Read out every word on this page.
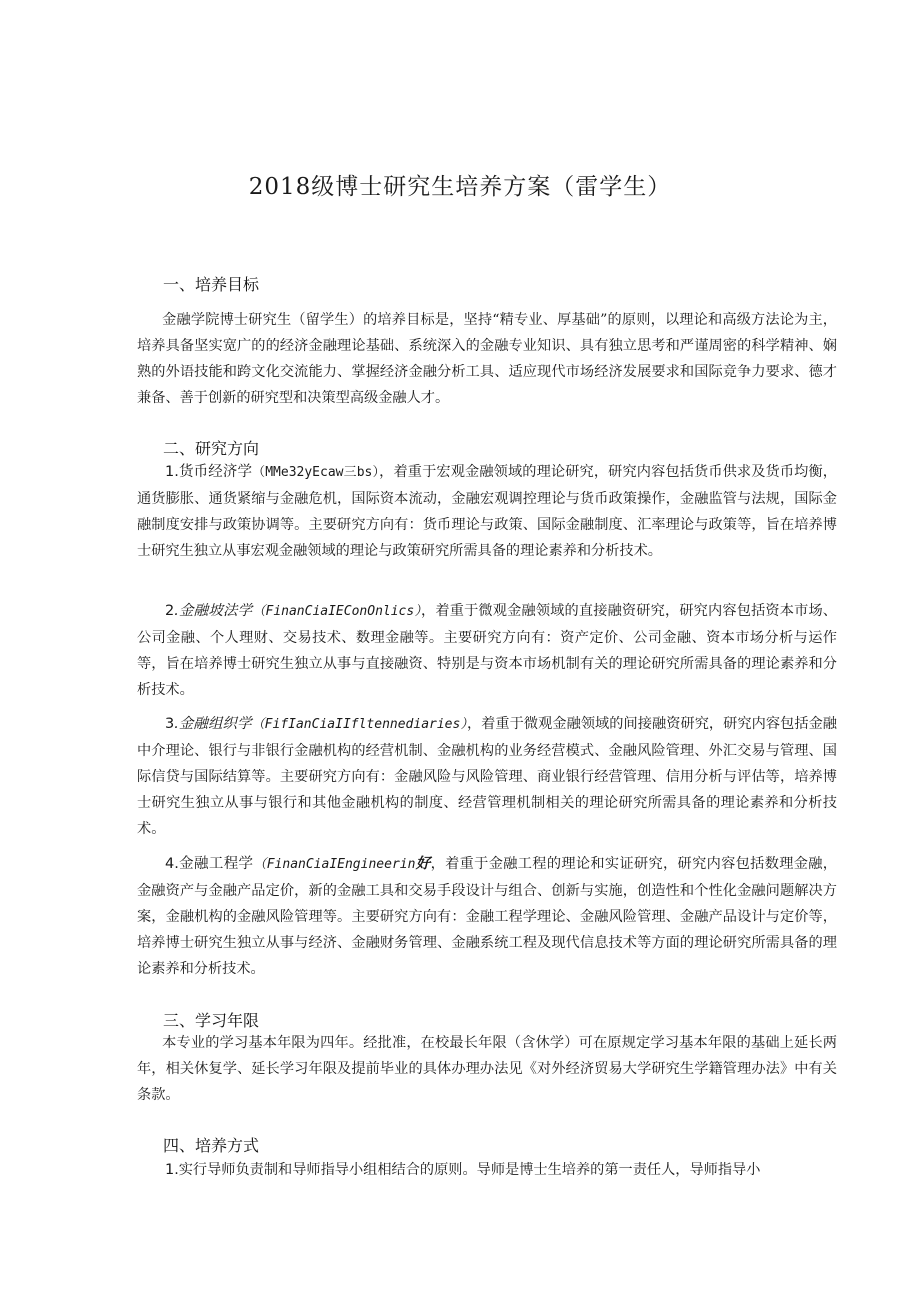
2018级博士研究生培养方案（雷学生）
一、培养目标
金融学院博士研究生（留学生）的培养目标是，坚持“精专业、厚基础”的原则，以理论和高级方法论为主，培养具备坚实宽广的的经济金融理论基础、系统深入的金融专业知识、具有独立思考和严谨周密的科学精神、娴熟的外语技能和跨文化交流能力、掌握经济金融分析工具、适应现代市场经济发展要求和国际竞争力要求、德才兼备、善于创新的研究型和决策型高级金融人才。
二、研究方向
1.货币经济学（MMe32yEcaw三bs），着重于宏观金融领域的理论研究，研究内容包括货币供求及货币均衡，通货膨胀、通货紧缩与金融危机，国际资本流动，金融宏观调控理论与货币政策操作，金融监管与法规，国际金融制度安排与政策协调等。主要研究方向有：货币理论与政策、国际金融制度、汇率理论与政策等，旨在培养博士研究生独立从事宏观金融领域的理论与政策研究所需具备的理论素养和分析技术。
2.金融坡法学（FinanCiaIEConOnlics），着重于微观金融领域的直接融资研究，研究内容包括资本市场、公司金融、个人理财、交易技术、数理金融等。主要研究方向有：资产定价、公司金融、资本市场分析与运作等，旨在培养博士研究生独立从事与直接融资、特别是与资本市场机制有关的理论研究所需具备的理论素养和分析技术。
3.金融组织学（FifIanCiaIIfltennediaries），着重于微观金融领域的间接融资研究，研究内容包括金融中介理论、银行与非银行金融机构的经营机制、金融机构的业务经营模式、金融风险管理、外汇交易与管理、国际信贷与国际结算等。主要研究方向有：金融风险与风险管理、商业银行经营管理、信用分析与评估等，培养博士研究生独立从事与银行和其他金融机构的制度、经营管理机制相关的理论研究所需具备的理论素养和分析技术。
4.金融工程学（FinanCiaIEngineerin好，着重于金融工程的理论和实证研究，研究内容包括数理金融，金融资产与金融产品定价，新的金融工具和交易手段设计与组合、创新与实施，创造性和个性化金融问题解决方案，金融机构的金融风险管理等。主要研究方向有：金融工程学理论、金融风险管理、金融产品设计与定价等，培养博士研究生独立从事与经济、金融财务管理、金融系统工程及现代信息技术等方面的理论研究所需具备的理论素养和分析技术。
三、学习年限
本专业的学习基本年限为四年。经批准，在校最长年限（含休学）可在原规定学习基本年限的基础上延长两年，相关休复学、延长学习年限及提前毕业的具体办理办法见《对外经济贸易大学研究生学籍管理办法》中有关条款。
四、培养方式
1.实行导师负责制和导师指导小组相结合的原则。导师是博士生培养的第一责任人，导师指导小
